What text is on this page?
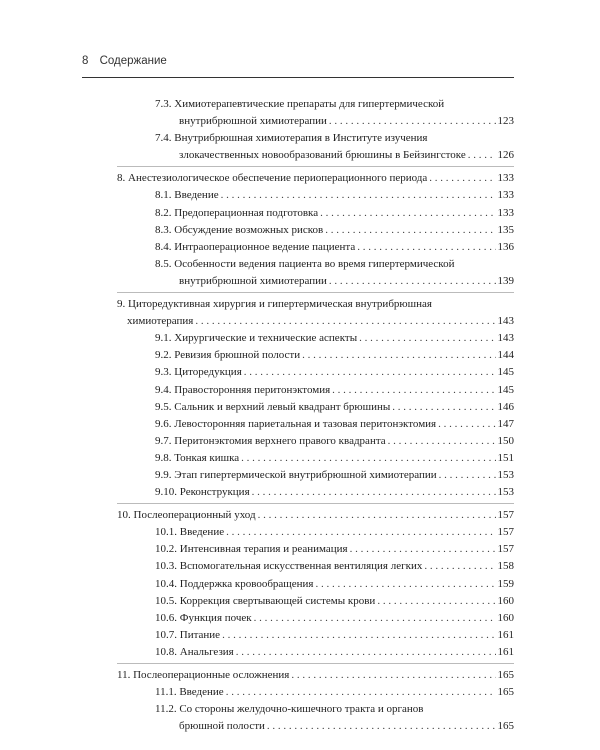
8 Содержание
7.3. Химиотерапевтические препараты для гипертермической
внутрибрюшной химиотерапии . . .	123
7.4. Внутрибрюшная химиотерапия в Институте изучения
злокачественных новообразований брюшины в Бейзингстоке . . .	126
8. Анестезиологическое обеспечение периоперационного периода . . .	133
8.1. Введение . . .	133
8.2. Предоперационная подготовка . . .	133
8.3. Обсуждение возможных рисков . . .	135
8.4. Интраоперационное ведение пациента . . .	136
8.5. Особенности ведения пациента во время гипертермической
внутрибрюшной химиотерапии . . .	139
9. Циторедуктивная хирургия и гипертермическая внутрибрюшная
химиотерапия . . .	143
9.1. Хирургические и технические аспекты . . .	143
9.2. Ревизия брюшной полости . . .	144
9.3. Циторедукция . . .	145
9.4. Правосторонняя перитонэктомия . . .	145
9.5. Сальник и верхний левый квадрант брюшины . . .	146
9.6. Левосторонняя париетальная и тазовая перитонэктомия . . .	147
9.7. Перитонэктомия верхнего правого квадранта . . .	150
9.8. Тонкая кишка . . .	151
9.9. Этап гипертермической внутрибрюшной химиотерапии . . .	153
9.10. Реконструкция . . .	153
10. Послеоперационный уход . . .	157
10.1. Введение . . .	157
10.2. Интенсивная терапия и реанимация . . .	157
10.3. Вспомогательная искусственная вентиляция легких . . .	158
10.4. Поддержка кровообращения . . .	159
10.5. Коррекция свертывающей системы крови . . .	160
10.6. Функция почек . . .	160
10.7. Питание . . .	161
10.8. Анальгезия . . .	161
11. Послеоперационные осложнения . . .	165
11.1. Введение . . .	165
11.2. Со стороны желудочно-кишечного тракта и органов
брюшной полости . . .	165
